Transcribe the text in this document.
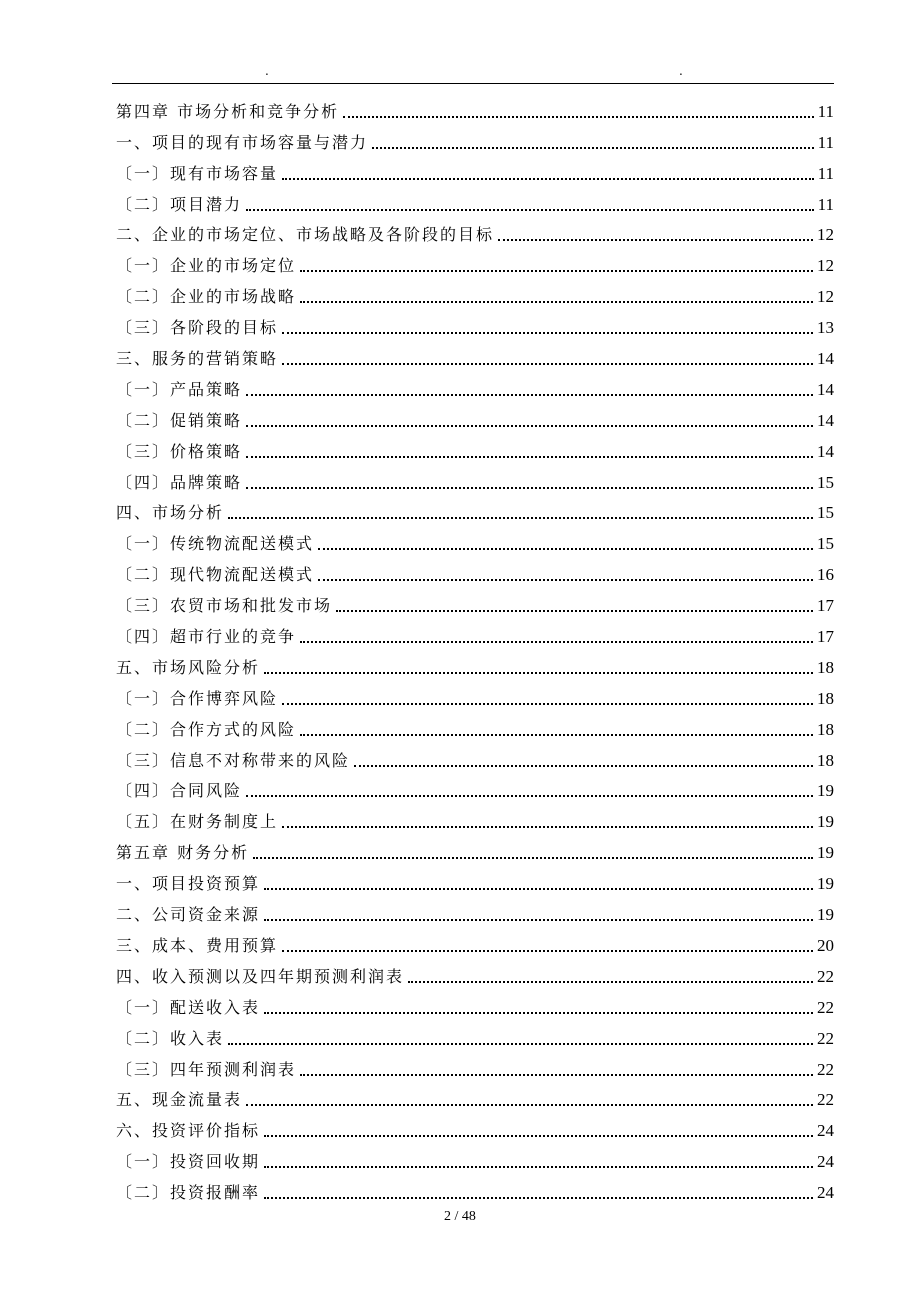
.	.
第四章 市场分析和竞争分析	11
一、项目的现有市场容量与潜力	11
〔一〕现有市场容量	11
〔二〕项目潜力	11
二、企业的市场定位、市场战略及各阶段的目标	12
〔一〕企业的市场定位	12
〔二〕企业的市场战略	12
〔三〕各阶段的目标	13
三、服务的营销策略	14
〔一〕产品策略	14
〔二〕促销策略	14
〔三〕价格策略	14
〔四〕品牌策略	15
四、市场分析	15
〔一〕传统物流配送模式	15
〔二〕现代物流配送模式	16
〔三〕农贸市场和批发市场	17
〔四〕超市行业的竞争	17
五、市场风险分析	18
〔一〕合作博弈风险	18
〔二〕合作方式的风险	18
〔三〕信息不对称带来的风险	18
〔四〕合同风险	19
〔五〕在财务制度上	19
第五章 财务分析	19
一、项目投资预算	19
二、公司资金来源	19
三、成本、费用预算	20
四、收入预测以及四年期预测利润表	22
〔一〕配送收入表	22
〔二〕收入表	22
〔三〕四年预测利润表	22
五、现金流量表	22
六、投资评价指标	24
〔一〕投资回收期	24
〔二〕投资报酬率	24
2 / 48
